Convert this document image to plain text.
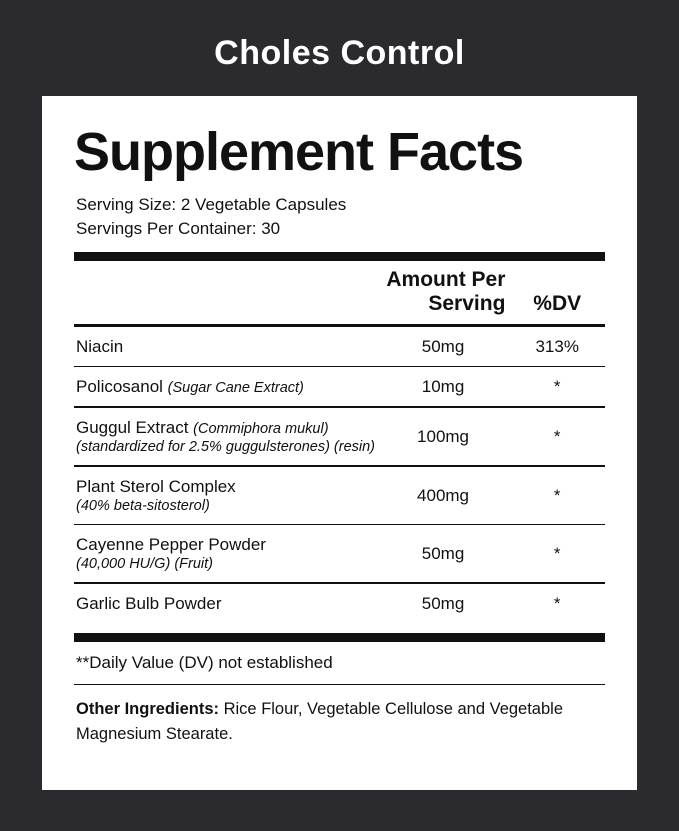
Choles Control
Supplement Facts
Serving Size: 2 Vegetable Capsules
Servings Per Container: 30
	Amount Per Serving	%DV
Niacin	50mg	313%
Policosanol (Sugar Cane Extract)	10mg	*
Guggul Extract (Commiphora mukul)
(standardized for 2.5% guggulsterones) (resin)
	100mg	*
Plant Sterol Complex
(40% beta-sitosterol)
	400mg	*
Cayenne Pepper Powder
(40,000 HU/G) (Fruit)
	50mg	*
Garlic Bulb Powder	50mg	*
**Daily Value (DV) not established
Other Ingredients: Rice Flour, Vegetable Cellulose and Vegetable Magnesium Stearate.
